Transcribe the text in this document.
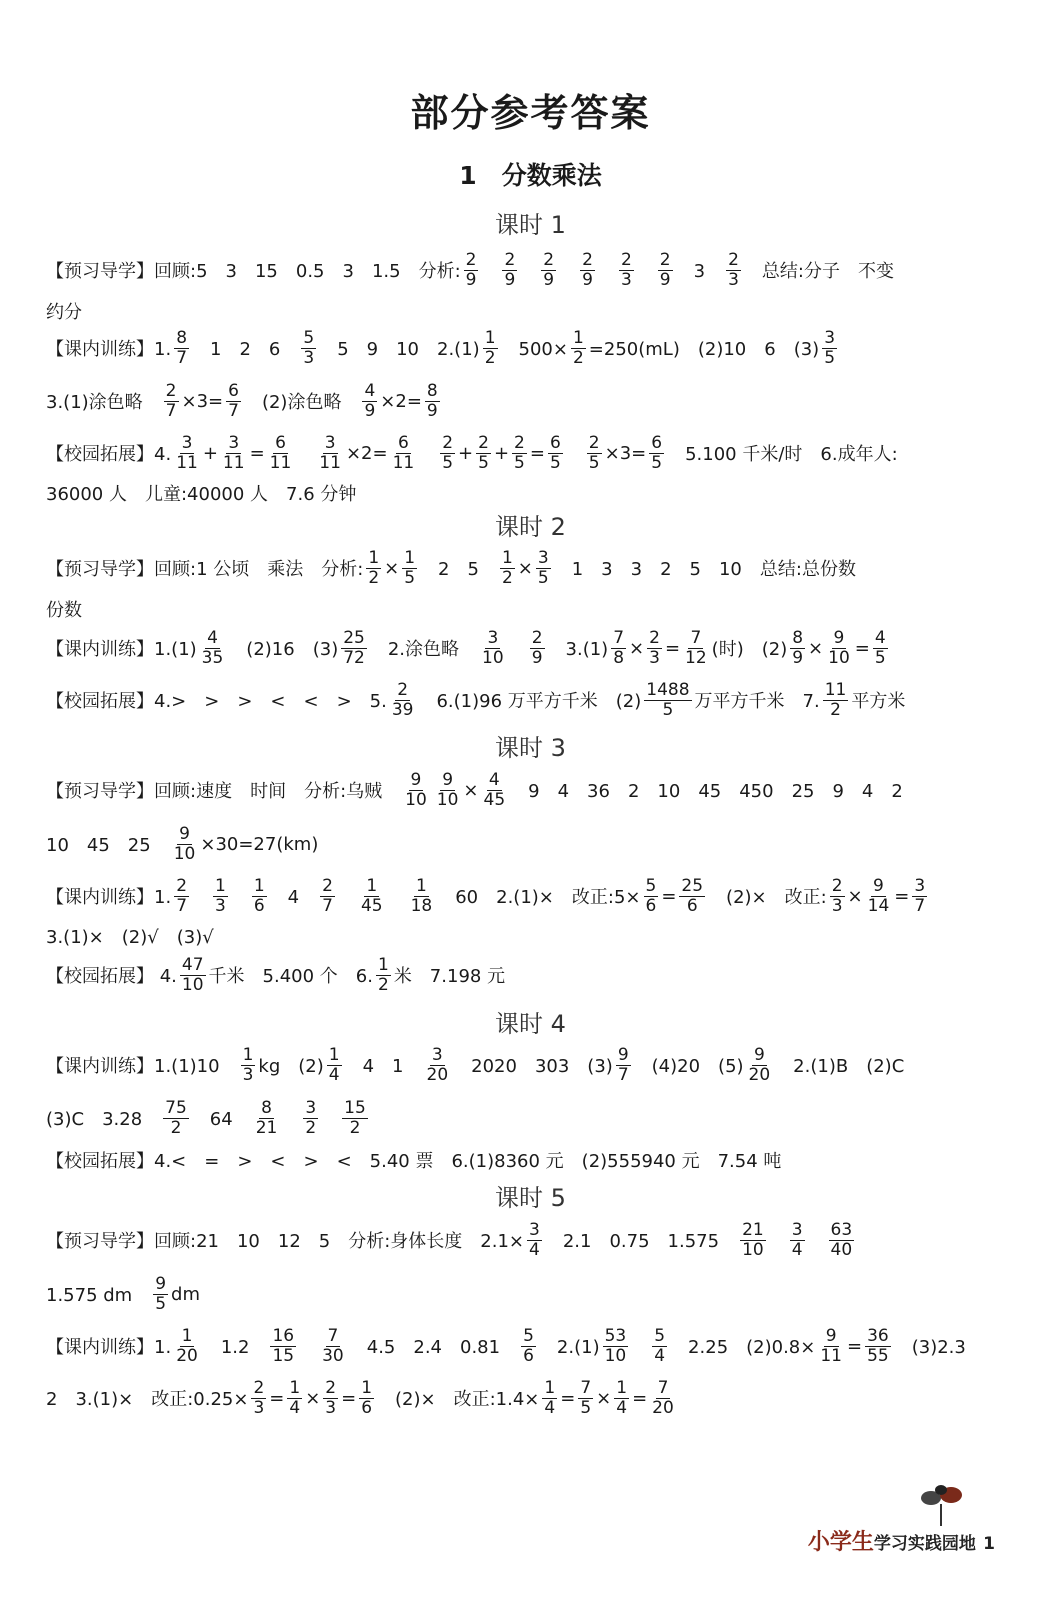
部分参考答案
1　分数乘法
课时 1
课时 2
课时 3
课时 4
课时 5
【预习导学】回顾:5　3　15　0.5　3　1.5　分析: $\frac{2}{9}$
　 $\frac{2}{9}$
　 $\frac{2}{9}$
　 $\frac{2}{9}$
　 $\frac{2}{3}$
　 $\frac{2}{9}$ 　3　 $\frac{2}{3}$ 　总结:分子　不变
约分
【课内训练】1. $\frac{8}{7}$ 　1　2　6　 $\frac{5}{3}$ 　5　9　10　$2.(1) \frac{1}{2}$ 　$500\times \frac{1}{2} =250(mL)$　(2)10　6　$(3) \frac{3}{5}$
3.(1)涂色略　 $\frac{2}{7} \times 3= \frac{6}{7}$ 　(2)涂色略　 $\frac{4}{9} \times 2= \frac{8}{9}$
【校园拓展】4. $\frac{3}{11} + \frac{3}{11} = \frac{6}{11}$
　 $\frac{3}{11} \times 2= \frac{6}{11}$
　 $\frac{2}{5} + \frac{2}{5} + \frac{2}{5} = \frac{6}{5}$
　 $\frac{2}{5} \times 3= \frac{6}{5}$ 　5.100 千米/时　6.成年人:
36000 人　儿童:40000 人　7.6 分钟
【预习导学】回顾:1 公顷　乘法　分析: $\frac{1}{2} \times \frac{1}{5}$ 　2　5　 $\frac{1}{2} \times \frac{3}{5}$ 　1　3　3　2　5　10　总结:总份数
份数
【课内训练】$1.(1) \frac{4}{35}$ 　(2)16　$(3) \frac{25}{72}$ 　2.涂色略　 $\frac{3}{10}$
　 $\frac{2}{9}$ 　$3.(1) \frac{7}{8} \times \frac{2}{3} = \frac{7}{12}$ (时)　$(2) \frac{8}{9} \times \frac{9}{10} = \frac{4}{5}$
【校园拓展】4.>　>　>　<　<　>　5. $\frac{2}{39}$ 　6.(1)96 万平方千米　$(2) \frac{1488}{5}$ 万平方千米　7. $\frac{11}{2}$ 平方米
【预习导学】回顾:速度　时间　分析:乌贼　 $\frac{9}{10} \frac{9}{10} \times \frac{4}{45}$ 　9　4　36　2　10　45　450　25　9　4　2
10　45　25　 $\frac{9}{10} \times 30=27(km)$
【课内训练】1. $\frac{2}{7}$
　 $\frac{1}{3}$
　 $\frac{1}{6}$ 　4　 $\frac{2}{7}$
　 $\frac{1}{45}$
　 $\frac{1}{18}$ 　60　2.(1)×　改正:5× $\frac{5}{6} = \frac{25}{6}$ 　(2)×　改正: $\frac{2}{3} \times \frac{9}{14} = \frac{3}{7}$
3.(1)×　(2)√　(3)√
【校园拓展】 4. $\frac{47}{10}$ 千米　5.400 个　6. $\frac{1}{2}$ 米　7.198 元
【课内训练】1.(1)10　 $\frac{1}{3}$ kg　$(2) \frac{1}{4}$ 　4　1　 $\frac{3}{20}$ 　2020　303　$(3) \frac{9}{7}$ 　(4)20　$(5) \frac{9}{20}$ 　2.(1)B　(2)C
(3)C　3.28　 $\frac{75}{2}$ 　64　 $\frac{8}{21}$
　 $\frac{3}{2}$
　 $\frac{15}{2}$
【校园拓展】4.<　=　>　<　>　<　5.40 票　6.(1)8360 元　(2)555940 元　7.54 吨
【预习导学】回顾:21　10　12　5　分析:身体长度　$2.1\times \frac{3}{4}$ 　2.1　0.75　1.575　 $\frac{21}{10}$
　 $\frac{3}{4}$
　 $\frac{63}{40}$
1.575 dm　 $\frac{9}{5}$ dm
【课内训练】1. $\frac{1}{20}$ 　1.2　 $\frac{16}{15}$
　 $\frac{7}{30}$ 　4.5　2.4　0.81　 $\frac{5}{6}$ 　$2.(1) \frac{53}{10}$
　 $\frac{5}{4}$ 　2.25　$(2)0.8\times \frac{9}{11} = \frac{36}{55}$ 　(3)2.3
2　3.(1)×　改正:0.25× $\frac{2}{3} = \frac{1}{4} \times \frac{2}{3} = \frac{1}{6}$ 　(2)×　改正:1.4× $\frac{1}{4} = \frac{7}{5} \times \frac{1}{4} = \frac{7}{20}$
小学生学习实践园地 1
